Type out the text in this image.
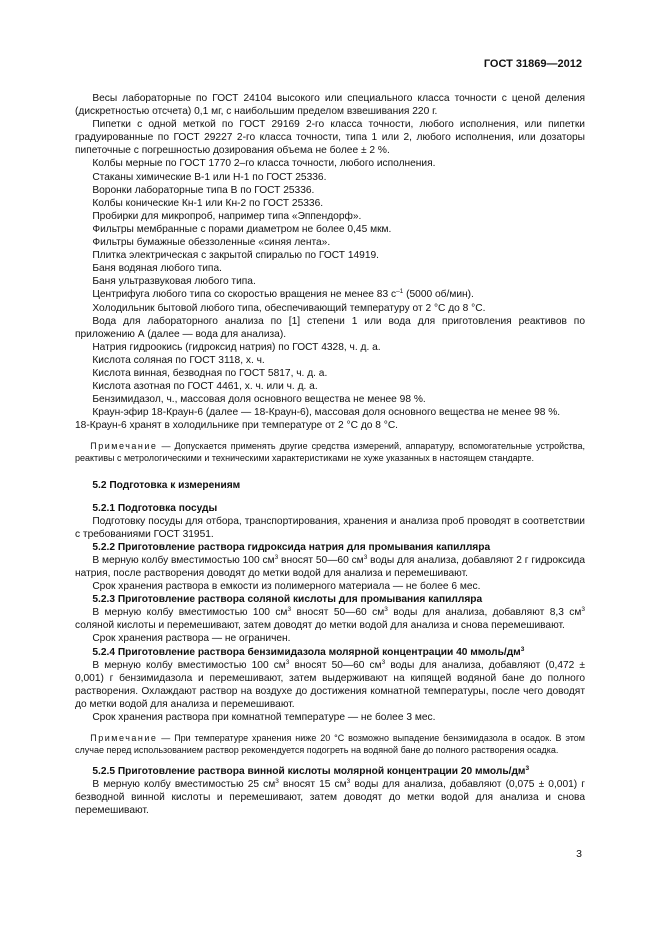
ГОСТ 31869—2012

Весы лабораторные по ГОСТ 24104 высокого или специального класса точности с ценой деления (дискретностью отсчета) 0,1 мг, с наибольшим пределом взвешивания 220 г.

Пипетки с одной меткой по ГОСТ 29169 2-го класса точности, любого исполнения, или пипетки градуированные по ГОСТ 29227 2-го класса точности, типа 1 или 2, любого исполнения, или дозаторы пипеточные с погрешностью дозирования объема не более ± 2 %.

Колбы мерные по ГОСТ 1770 2–го класса точности, любого исполнения.

Стаканы химические В-1 или Н-1 по ГОСТ 25336.

Воронки лабораторные типа В по ГОСТ 25336.

Колбы конические Кн-1 или Кн-2 по ГОСТ 25336.

Пробирки для микропроб, например типа «Эппендорф».

Фильтры мембранные с порами диаметром не более 0,45 мкм.

Фильтры бумажные обеззоленные «синяя лента».

Плитка электрическая с закрытой спиралью по ГОСТ 14919.

Баня водяная любого типа.

Баня ультразвуковая любого типа.

Центрифуга любого типа со скоростью вращения не менее 83 $с^{-1}$ (5000 об/мин).

Холодильник бытовой любого типа, обеспечивающий температуру от 2 °С до 8 °С.

Вода для лабораторного анализа по [1] степени 1 или вода для приготовления реактивов по приложению А (далее — вода для анализа).

Натрия гидроокись (гидроксид натрия) по ГОСТ 4328, ч. д. а.

Кислота соляная по ГОСТ 3118, х. ч.

Кислота винная, безводная по ГОСТ 5817, ч. д. а.

Кислота азотная по ГОСТ 4461, х. ч. или ч. д. а.

Бензимидазол, ч., массовая доля основного вещества не менее 98 %.

Краун-эфир 18-Краун-6 (далее — 18-Краун-6), массовая доля основного вещества не менее 98 %.

18-Краун-6 хранят в холодильнике при температуре от 2 °С до 8 °С.

Примечание — Допускается применять другие средства измерений, аппаратуру, вспомогательные устройства, реактивы с метрологическими и техническими характеристиками не хуже указанных в настоящем стандарте.

5.2 Подготовка к измерениям
5.2.1 Подготовка посуды

Подготовку посуды для отбора, транспортирования, хранения и анализа проб проводят в соответствии с требованиями ГОСТ 31951.

5.2.2 Приготовление раствора гидроксида натрия для промывания капилляра

В мерную колбу вместимостью 100 $см^3$ вносят 50—60 $см^3$ воды для анализа, добавляют 2 г гидроксида натрия, после растворения доводят до метки водой для анализа и перемешивают.

Срок хранения раствора в емкости из полимерного материала — не более 6 мес.

5.2.3 Приготовление раствора соляной кислоты для промывания капилляра

В мерную колбу вместимостью 100 $см^3$ вносят 50—60 $см^3$ воды для анализа, добавляют 8,3 $см^3$ соляной кислоты и перемешивают, затем доводят до метки водой для анализа и снова перемешивают.

Срок хранения раствора — не ограничен.

5.2.4 Приготовление раствора бензимидазола молярной концентрации 40 ммоль/$дм^3$

В мерную колбу вместимостью 100 $см^3$ вносят 50—60 $см^3$ воды для анализа, добавляют (0,472 ± 0,001) г бензимидазола и перемешивают, затем выдерживают на кипящей водяной бане до полного растворения. Охлаждают раствор на воздухе до достижения комнатной температуры, после чего доводят до метки водой для анализа и перемешивают.

Срок хранения раствора при комнатной температуре — не более 3 мес.

Примечание — При температуре хранения ниже 20 °С возможно выпадение бензимидазола в осадок. В этом случае перед использованием раствор рекомендуется подогреть на водяной бане до полного растворения осадка.

5.2.5 Приготовление раствора винной кислоты молярной концентрации 20 ммоль/$дм^3$

В мерную колбу вместимостью 25 $см^3$ вносят 15 $см^3$ воды для анализа, добавляют (0,075 ± 0,001) г безводной винной кислоты и перемешивают, затем доводят до метки водой для анализа и снова перемешивают.

3
